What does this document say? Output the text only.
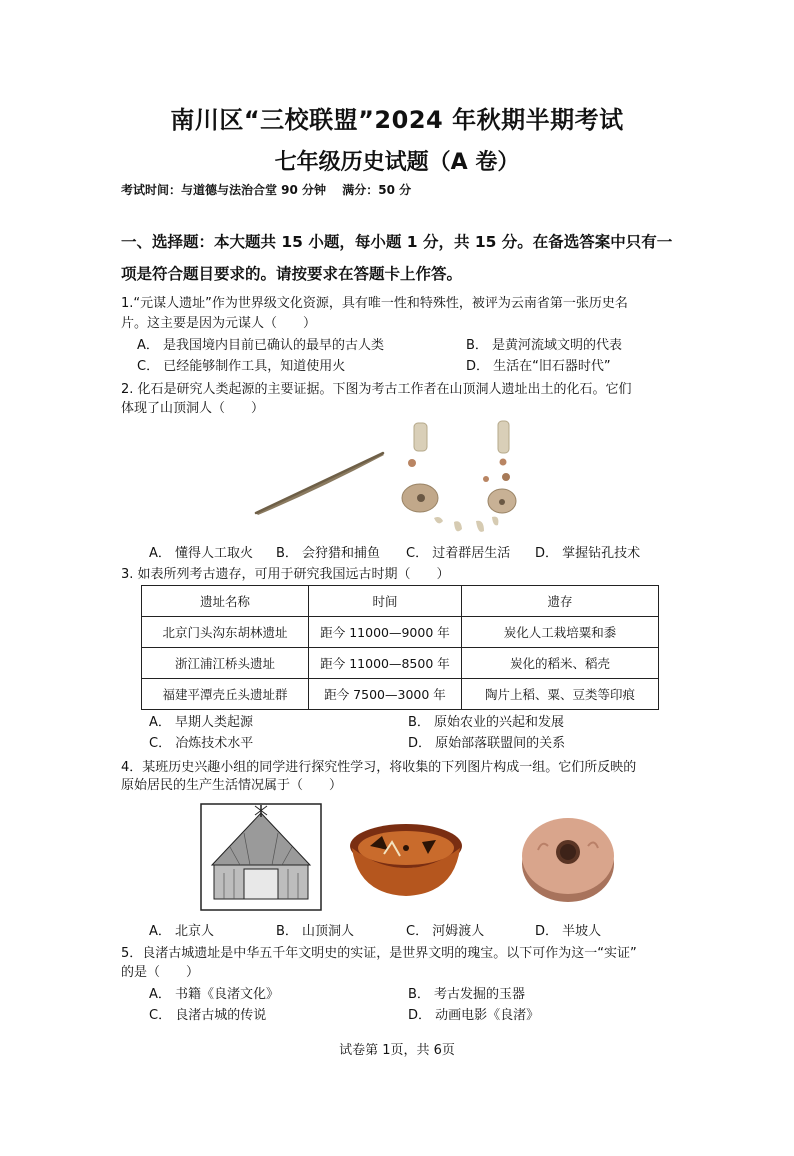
南川区“三校联盟”2024 年秋期半期考试
七年级历史试题（A 卷）
考试时间：与道德与法治合堂 90 分钟　 满分：50 分
一、选择题：本大题共 15 小题，每小题 1 分，共 15 分。在备选答案中只有一
项是符合题目要求的。请按要求在答题卡上作答。
1.“元谋人遗址”作为世界级文化资源，具有唯一性和特殊性，被评为云南省第一张历史名
片。这主要是因为元谋人（　　）
A． 是我国境内目前已确认的最早的古人类	B． 是黄河流域文明的代表
C． 已经能够制作工具，知道使用火	D． 生活在“旧石器时代”
2. 化石是研究人类起源的主要证据。下图为考古工作者在山顶洞人遗址出土的化石。它们
体现了山顶洞人（　　）
A． 懂得人工取火 B． 会狩猎和捕鱼 C． 过着群居生活 D． 掌握钻孔技术
3. 如表所列考古遗存，可用于研究我国远古时期（　　）
遗址名称	时间	遗存
北京门头沟东胡林遗址	距今 11000—9000 年	炭化人工栽培粟和黍
浙江浦江桥头遗址	距今 11000—8500 年	炭化的稻米、稻壳
福建平潭壳丘头遗址群	距今 7500—3000 年	陶片上稻、粟、豆类等印痕
A． 早期人类起源	B． 原始农业的兴起和发展
C． 冶炼技术水平	D． 原始部落联盟间的关系
4．某班历史兴趣小组的同学进行探究性学习，将收集的下列图片构成一组。它们所反映的
原始居民的生产生活情况属于（　　）
A． 北京人	B． 山顶洞人	C． 河姆渡人	D． 半坡人
5．良渚古城遗址是中华五千年文明史的实证，是世界文明的瑰宝。以下可作为这一“实证”
的是（　　）
A． 书籍《良渚文化》	B． 考古发掘的玉器
C． 良渚古城的传说	D． 动画电影《良渚》
试卷第 1页，共 6页
